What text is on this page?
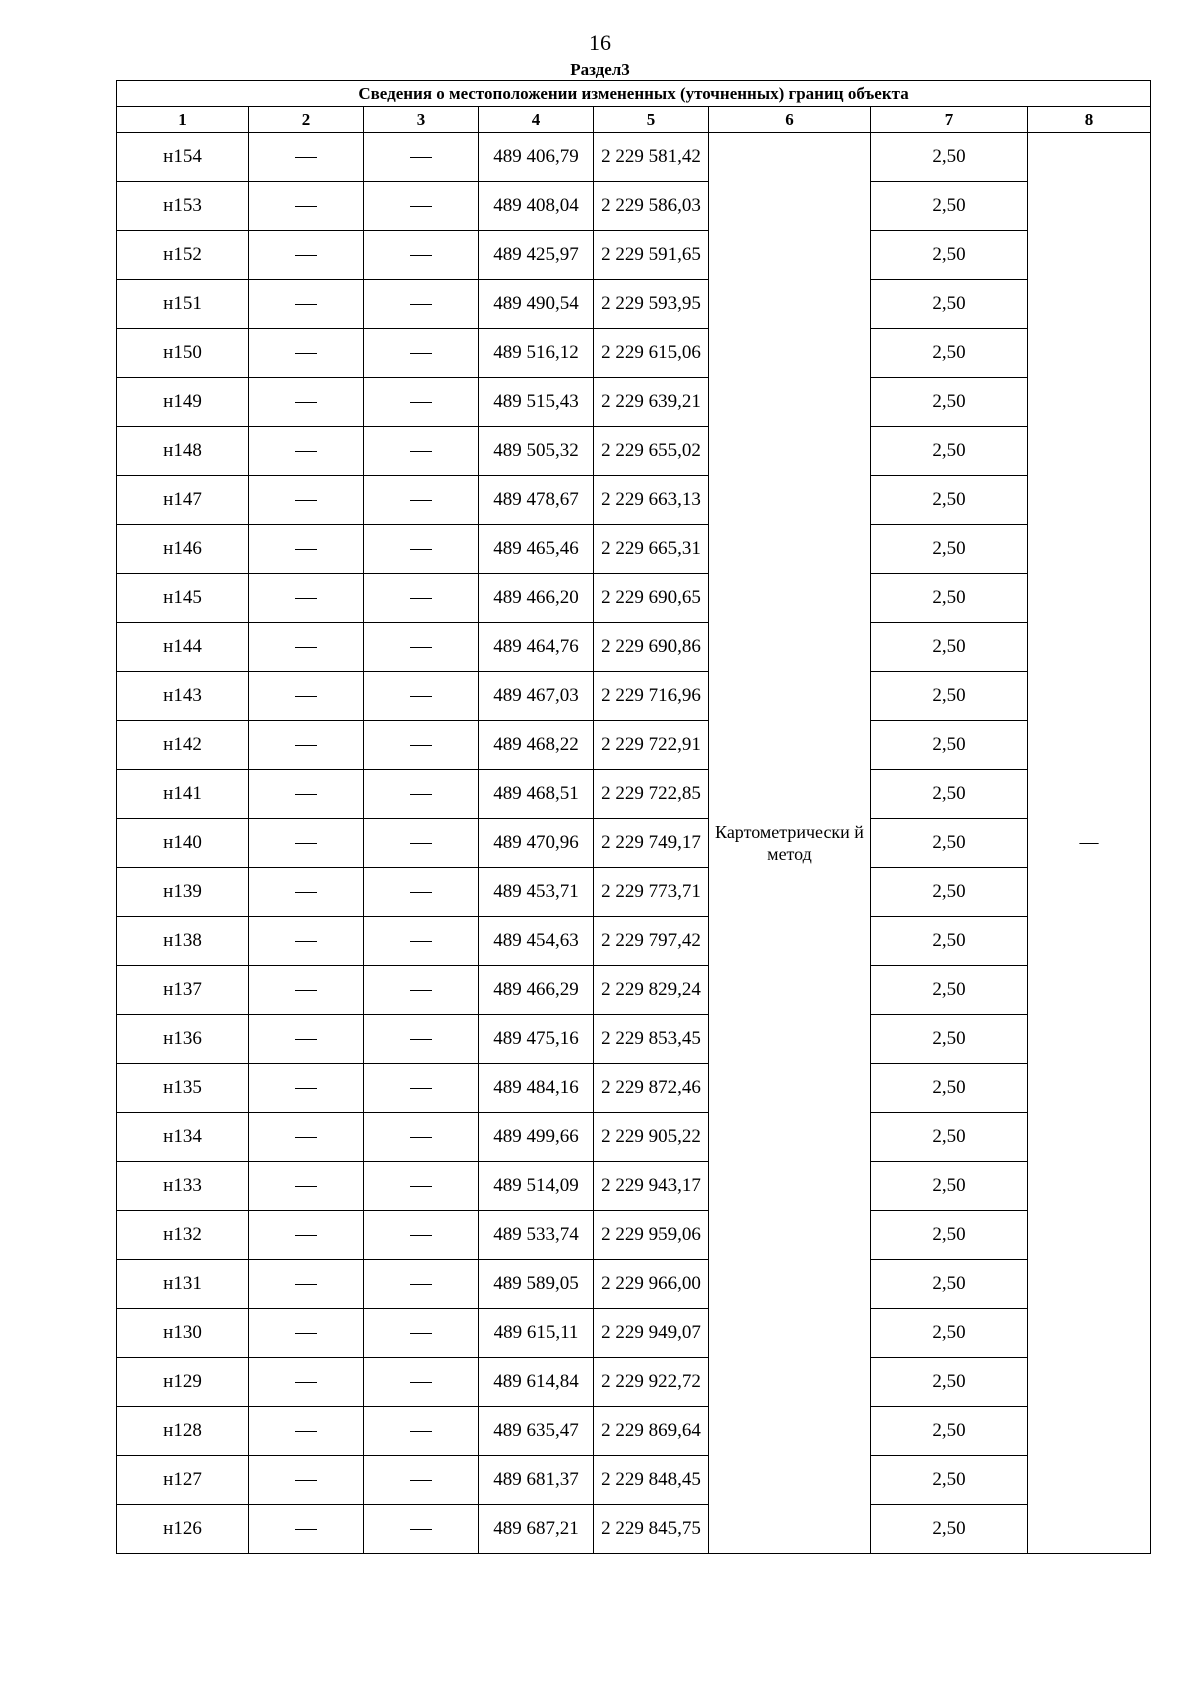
16
Раздел3
Сведения о местоположении измененных (уточненных) границ объекта							
1	2	3	4	5	6	7	8
н154			489 406,79	2 229 581,42	Картометрически й метод	2,50	—
н153			489 408,04	2 229 586,03		2,50	
н152			489 425,97	2 229 591,65		2,50	
н151			489 490,54	2 229 593,95		2,50	
н150			489 516,12	2 229 615,06		2,50	
н149			489 515,43	2 229 639,21		2,50	
н148			489 505,32	2 229 655,02		2,50	
н147			489 478,67	2 229 663,13		2,50	
н146			489 465,46	2 229 665,31		2,50	
н145			489 466,20	2 229 690,65		2,50	
н144			489 464,76	2 229 690,86		2,50	
н143			489 467,03	2 229 716,96		2,50	
н142			489 468,22	2 229 722,91		2,50	
н141			489 468,51	2 229 722,85		2,50	
н140			489 470,96	2 229 749,17		2,50	
н139			489 453,71	2 229 773,71		2,50	
н138			489 454,63	2 229 797,42		2,50	
н137			489 466,29	2 229 829,24		2,50	
н136			489 475,16	2 229 853,45		2,50	
н135			489 484,16	2 229 872,46		2,50	
н134			489 499,66	2 229 905,22		2,50	
н133			489 514,09	2 229 943,17		2,50	
н132			489 533,74	2 229 959,06		2,50	
н131			489 589,05	2 229 966,00		2,50	
н130			489 615,11	2 229 949,07		2,50	
н129			489 614,84	2 229 922,72		2,50	
н128			489 635,47	2 229 869,64		2,50	
н127			489 681,37	2 229 848,45		2,50	
н126			489 687,21	2 229 845,75		2,50	
